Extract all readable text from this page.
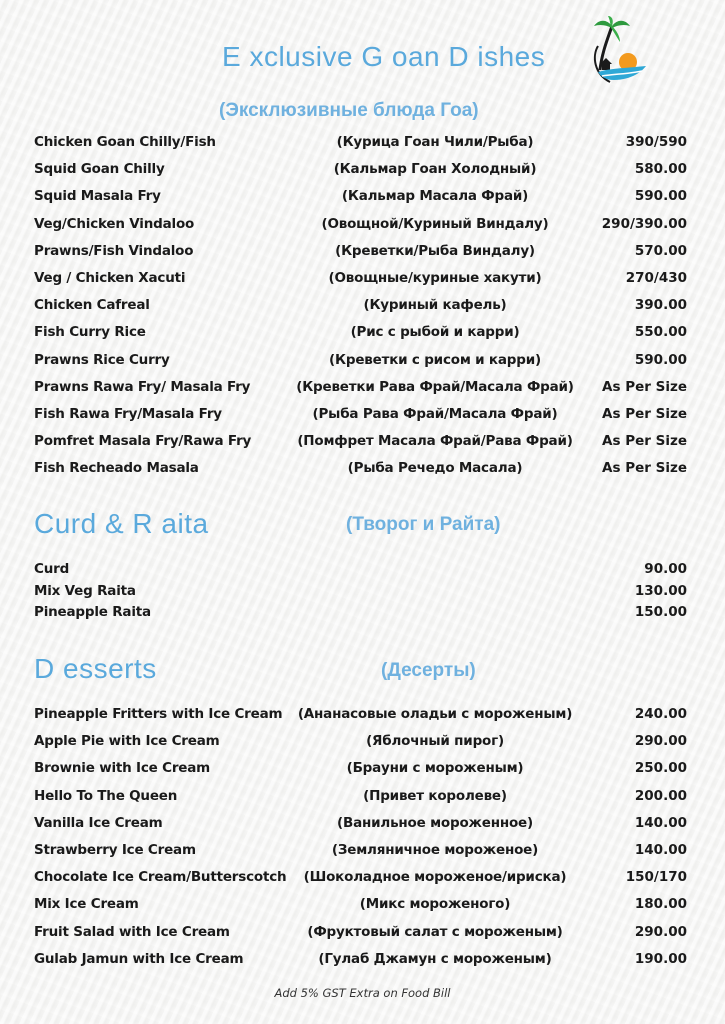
E xclusive G oan D ishes
(Эксклюзивные блюда Гоа)
Chicken Goan Chilly/Fish	(Курица Гоан Чили/Рыба)	390/590
Squid Goan Chilly	(Кальмар Гоан Холодный)	580.00
Squid Masala Fry	(Кальмар Масала Фрай)	590.00
Veg/Chicken Vindaloo	(Овощной/Куриный Виндалу)	290/390.00
Prawns/Fish Vindaloo	(Креветки/Рыба Виндалу)	570.00
Veg / Chicken Xacuti	(Овощные/куриные хакути)	270/430
Chicken Cafreal	(Куриный кафель)	390.00
Fish Curry Rice	(Рис с рыбой и карри)	550.00
Prawns Rice Curry	(Креветки с рисом и карри)	590.00
Prawns Rawa Fry/ Masala Fry	(Креветки Рава Фрай/Масала Фрай) As Per Size
Fish Rawa Fry/Masala Fry	(Рыба Рава Фрай/Масала Фрай)	As Per Size
Pomfret Masala Fry/Rawa Fry	(Помфрет Масала Фрай/Рава Фрай) As Per Size
Fish Recheado Masala	(Рыба Речедо Масала)	As Per Size
Curd & R aita	(Творог и Райта)
Curd	90.00
Mix Veg Raita	130.00
Pineapple Raita	150.00
D esserts	(Десерты)
Pineapple Fritters with Ice Cream (Ананасовые оладьи с мороженым)	240.00
Apple Pie with Ice Cream	(Яблочный пирог)	290.00
Brownie with Ice Cream	(Брауни с мороженым)	250.00
Hello To The Queen	(Привет королеве)	200.00
Vanilla Ice Cream	(Ванильное мороженное)	140.00
Strawberry Ice Cream	(Земляничное мороженое)	140.00
Chocolate Ice Cream/Butterscotch (Шоколадное мороженое/ириска)	150/170
Mix Ice Cream	(Микс мороженого)	180.00
Fruit Salad with Ice Cream	(Фруктовый салат с мороженым)	290.00
Gulab Jamun with Ice Cream	(Гулаб Джамун с мороженым)	190.00
Add 5% GST Extra on Food Bill
